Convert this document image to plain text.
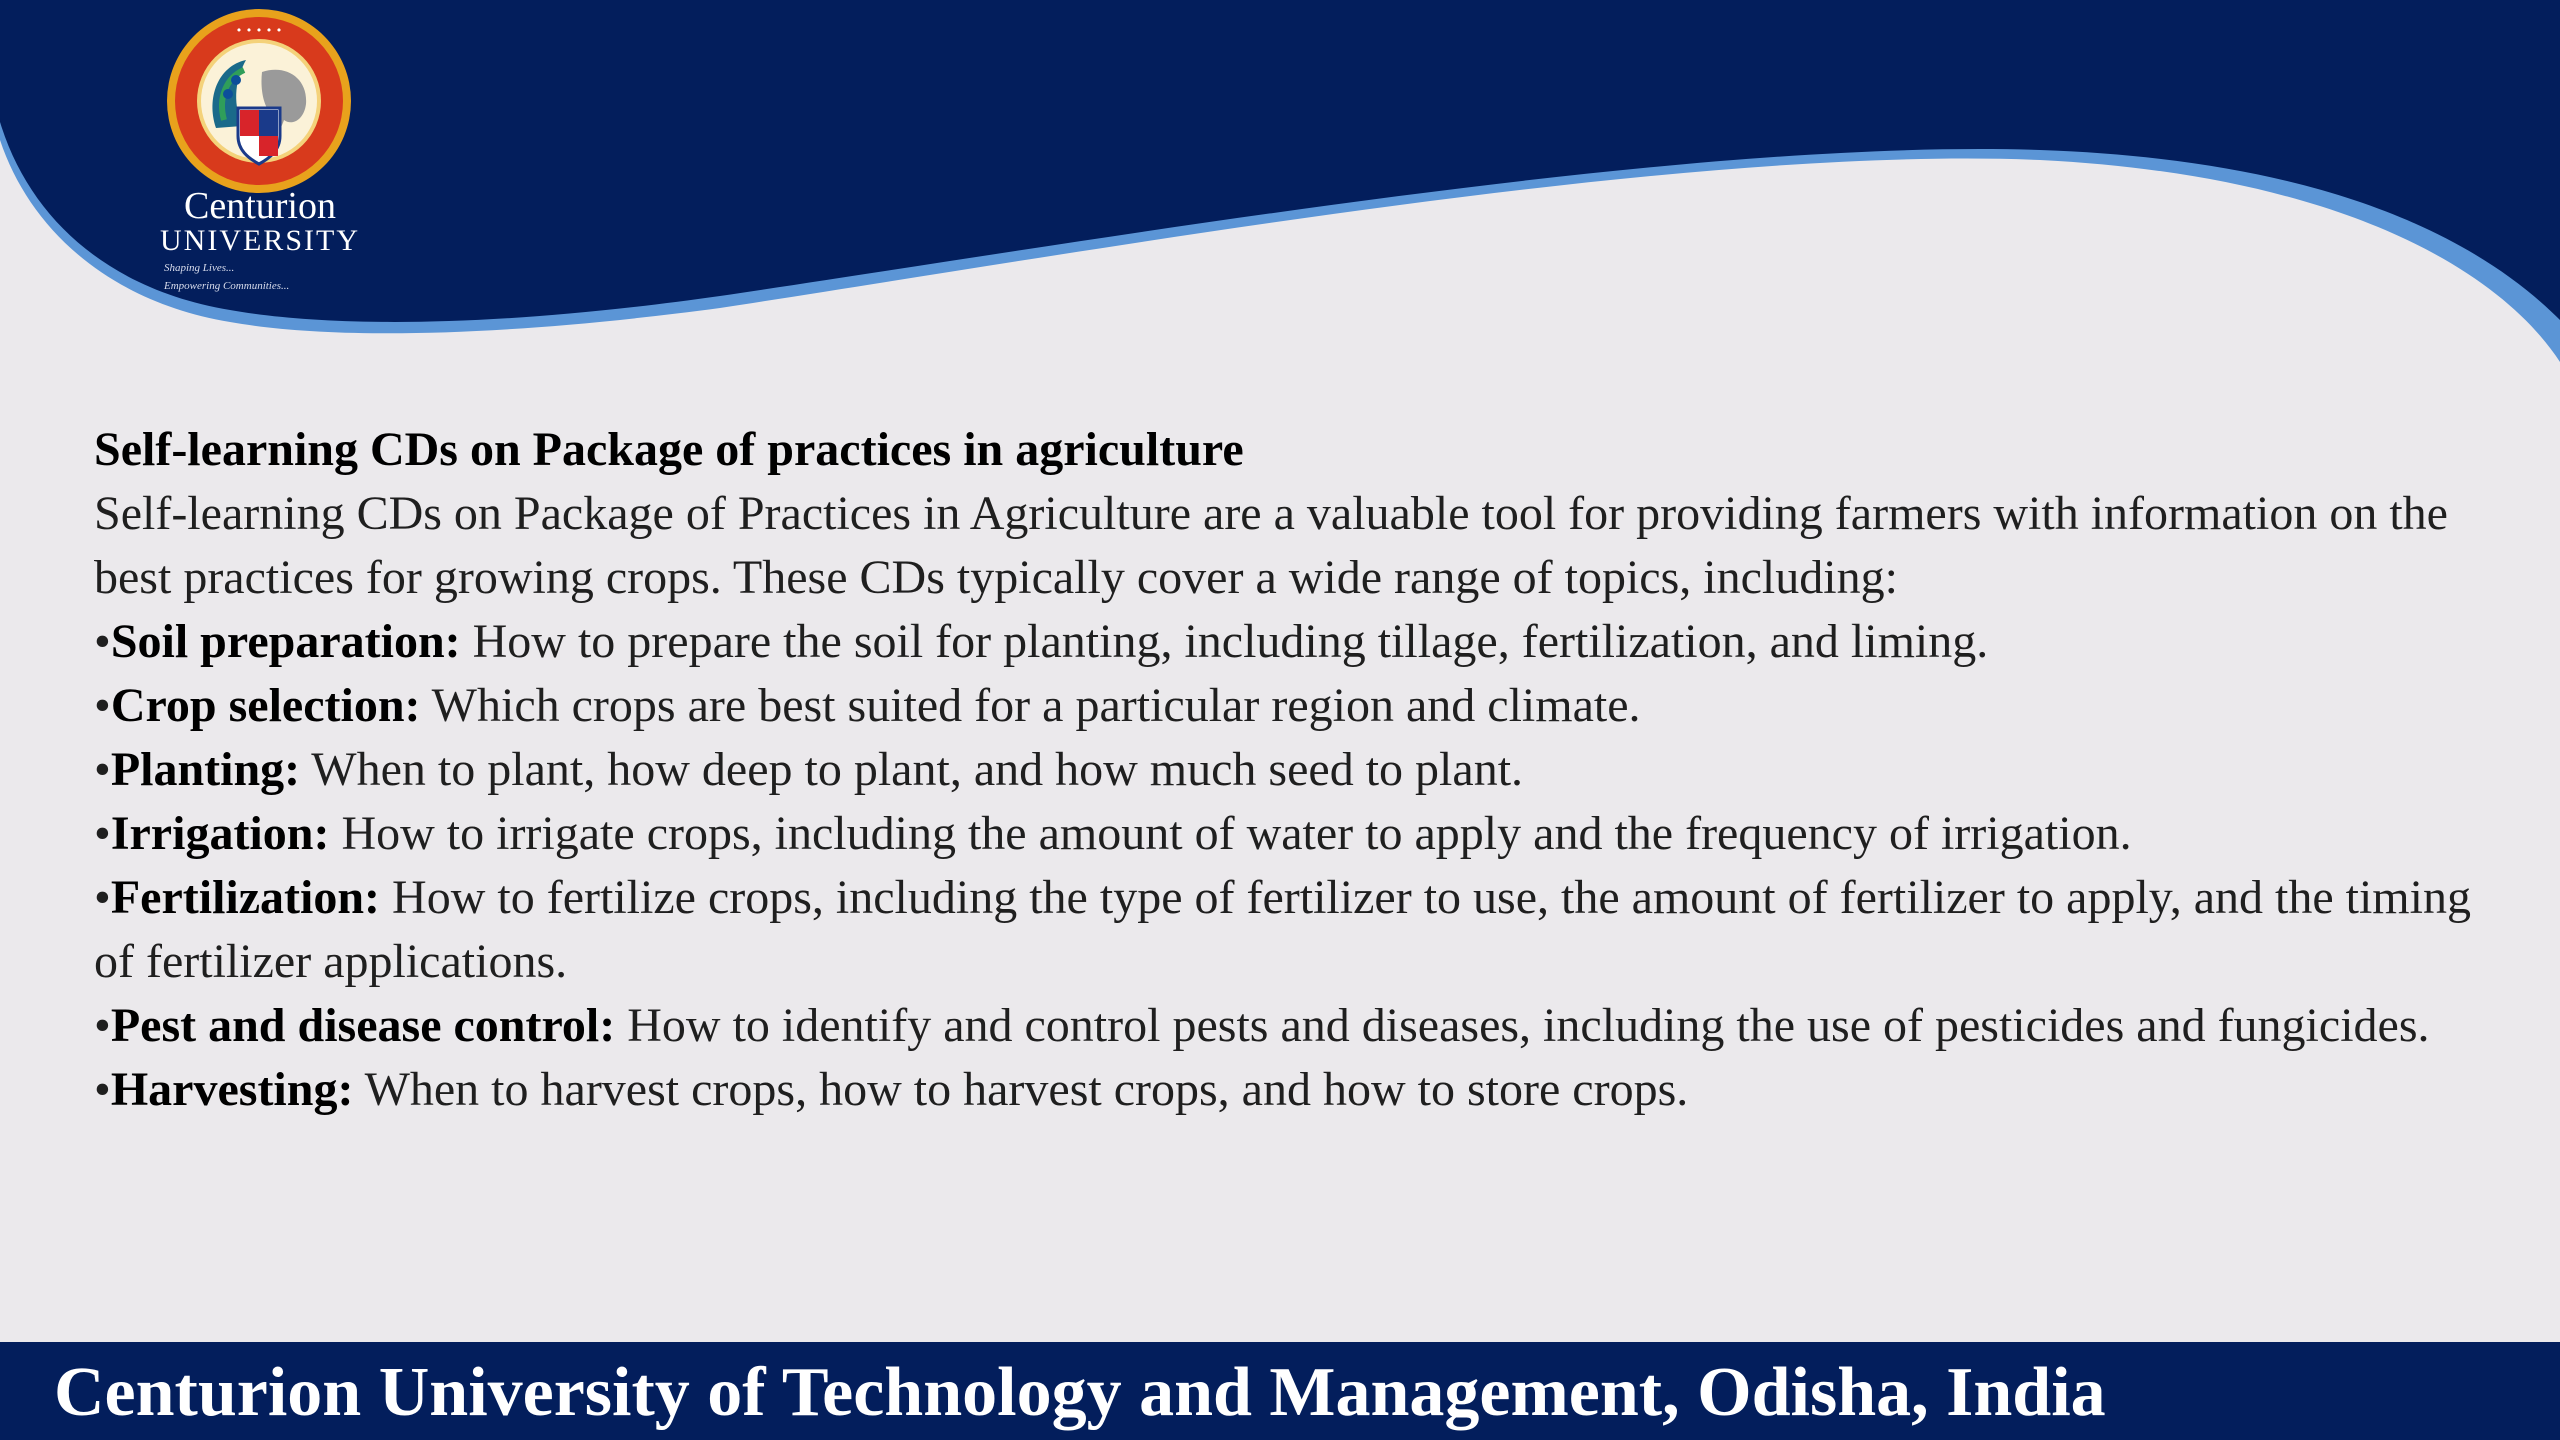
• • • • •
Centurion
UNIVERSITY
Shaping Lives...
Empowering Communities...

Self-learning CDs on Package of practices in agriculture

Self-learning CDs on Package of Practices in Agriculture are a valuable tool for providing farmers with information on the best practices for growing crops. These CDs typically cover a wide range of topics, including:

•Soil preparation: How to prepare the soil for planting, including tillage, fertilization, and liming.

•Crop selection: Which crops are best suited for a particular region and climate.

•Planting: When to plant, how deep to plant, and how much seed to plant.

•Irrigation: How to irrigate crops, including the amount of water to apply and the frequency of irrigation.

•Fertilization: How to fertilize crops, including the type of fertilizer to use, the amount of fertilizer to apply, and the timing of fertilizer applications.

•Pest and disease control: How to identify and control pests and diseases, including the use of pesticides and fungicides.

•Harvesting: When to harvest crops, how to harvest crops, and how to store crops.

Centurion University of Technology and Management, Odisha, India
